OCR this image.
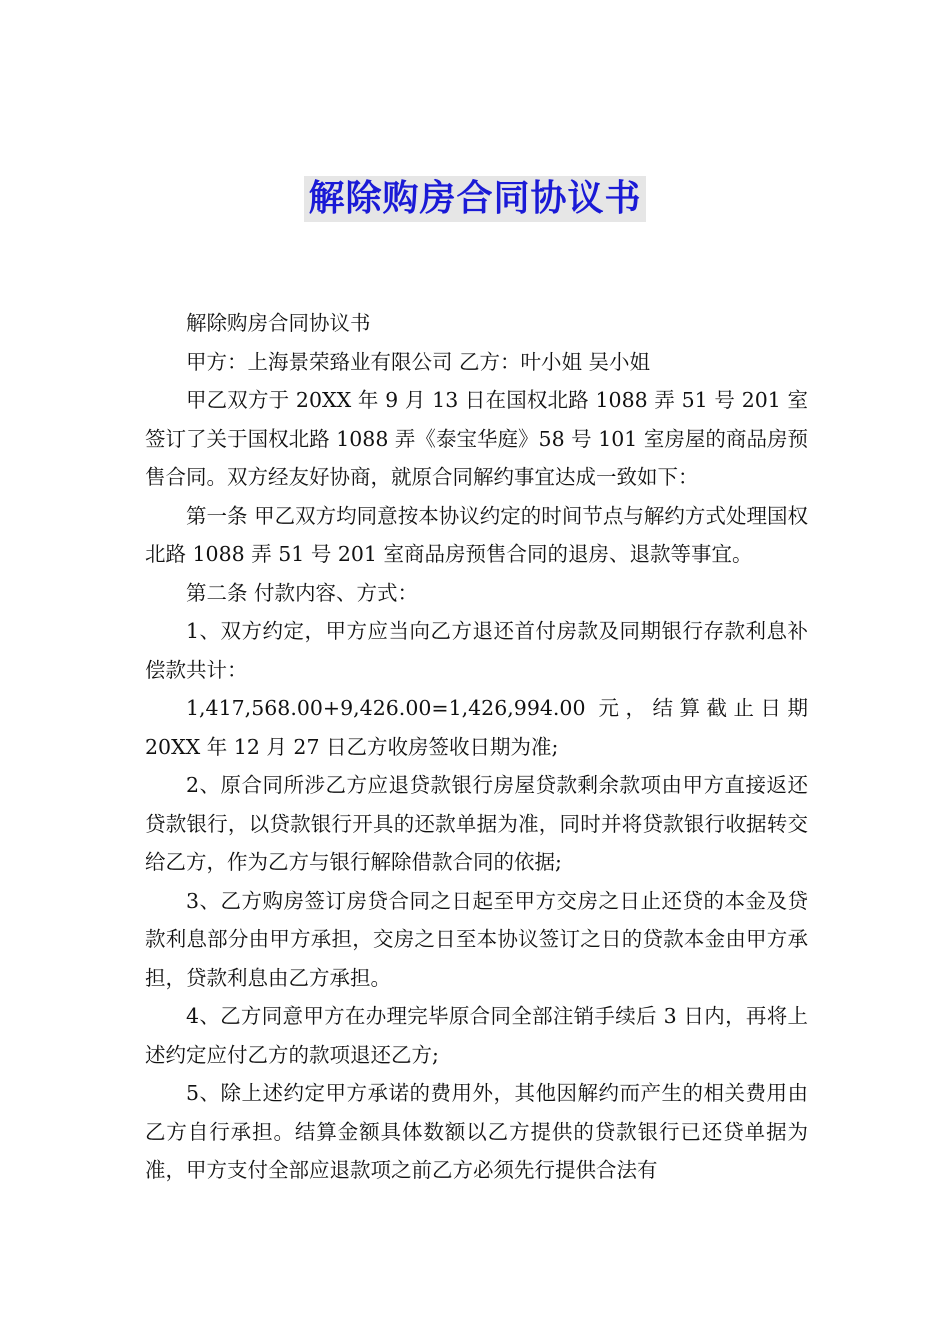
解除购房合同协议书

解除购房合同协议书

甲方：上海景荣臵业有限公司 乙方：叶小姐 吴小姐

甲乙双方于 20XX 年 9 月 13 日在国权北路 1088 弄 51 号 201 室签订了关于国权北路 1088 弄《泰宝华庭》58 号 101 室房屋的商品房预售合同。双方经友好协商，就原合同解约事宜达成一致如下：

第一条 甲乙双方均同意按本协议约定的时间节点与解约方式处理国权北路 1088 弄 51 号 201 室商品房预售合同的退房、退款等事宜。

第二条 付款内容、方式：

1、双方约定，甲方应当向乙方退还首付房款及同期银行存款利息补偿款共计：

1,417,568.00+9,426.00=1,426,994.00 元，结算截止日期 20XX 年 12 月 27 日乙方收房签收日期为准;

2、原合同所涉乙方应退贷款银行房屋贷款剩余款项由甲方直接返还贷款银行，以贷款银行开具的还款单据为准，同时并将贷款银行收据转交给乙方，作为乙方与银行解除借款合同的依据;

3、乙方购房签订房贷合同之日起至甲方交房之日止还贷的本金及贷款利息部分由甲方承担，交房之日至本协议签订之日的贷款本金由甲方承担，贷款利息由乙方承担。

4、乙方同意甲方在办理完毕原合同全部注销手续后 3 日内，再将上述约定应付乙方的款项退还乙方;

5、除上述约定甲方承诺的费用外，其他因解约而产生的相关费用由乙方自行承担。结算金额具体数额以乙方提供的贷款银行已还贷单据为准，甲方支付全部应退款项之前乙方必须先行提供合法有
